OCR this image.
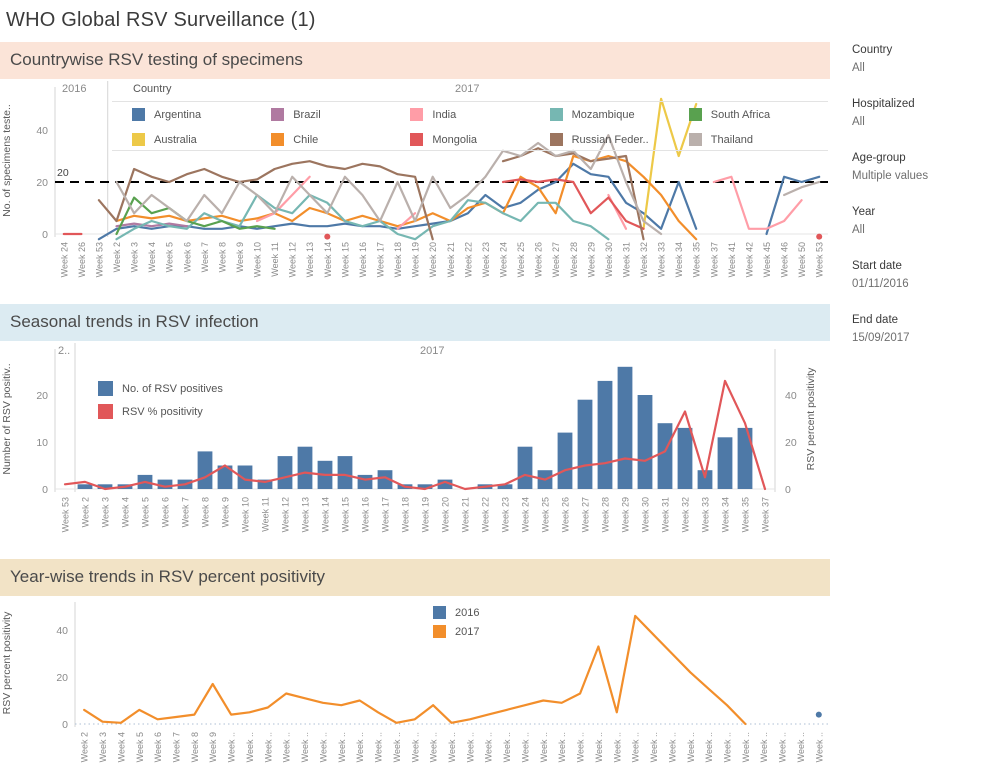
WHO Global RSV Surveillance (1)
Countrywise RSV testing of specimens
0
20
40
No. of specimens teste..	20
Week 24 Week 26 Week 53 Week 2 Week 3 Week 4 Week 5 Week 6 Week 7 Week 8 Week 9 Week 10 Week 11 Week 12 Week 13 Week 14 Week 15 Week 16 Week 17 Week 18 Week 19 Week 20 Week 21 Week 22 Week 23 Week 24 Week 25 Week 26 Week 27 Week 28 Week 29 Week 30 Week 31 Week 32 Week 33 Week 34 Week 35 Week 37 Week 41 Week 42 Week 45 Week 46 Week 50 Week 53
2016	Country	2017
Argentina
Australia
Brazil
Chile
India
Mongolia
Mozambique
Russian Feder..
South Africa
Thailand
Seasonal trends in RSV infection
0
10
20
0
20
40
Number of RSV positiv..	RSV percent positivity
Week 53 Week 2 Week 3 Week 4 Week 5 Week 6 Week 7 Week 8 Week 9 Week 10 Week 11 Week 12 Week 13 Week 14 Week 15 Week 16 Week 17 Week 18 Week 19 Week 20 Week 21 Week 22 Week 23 Week 24 Week 25 Week 26 Week 27 Week 28 Week 29 Week 30 Week 31 Week 32 Week 33 Week 34 Week 35 Week 37
2..	2017
No. of RSV positives
RSV % positivity
Year-wise trends in RSV percent positivity
0
20
40
RSV percent positivity
Week 2 Week 3 Week 4 Week 5 Week 6 Week 7 Week 8 Week 9 Week .. Week .. Week .. Week .. Week .. Week .. Week .. Week .. Week .. Week .. Week .. Week .. Week .. Week .. Week .. Week .. Week .. Week .. Week .. Week .. Week .. Week .. Week .. Week .. Week .. Week .. Week .. Week .. Week .. Week .. Week .. Week .. Week ..
2016
2017
Country
All
Hospitalized
All
Age-group
Multiple values
Year
All
Start date
01/11/2016
End date
15/09/2017
